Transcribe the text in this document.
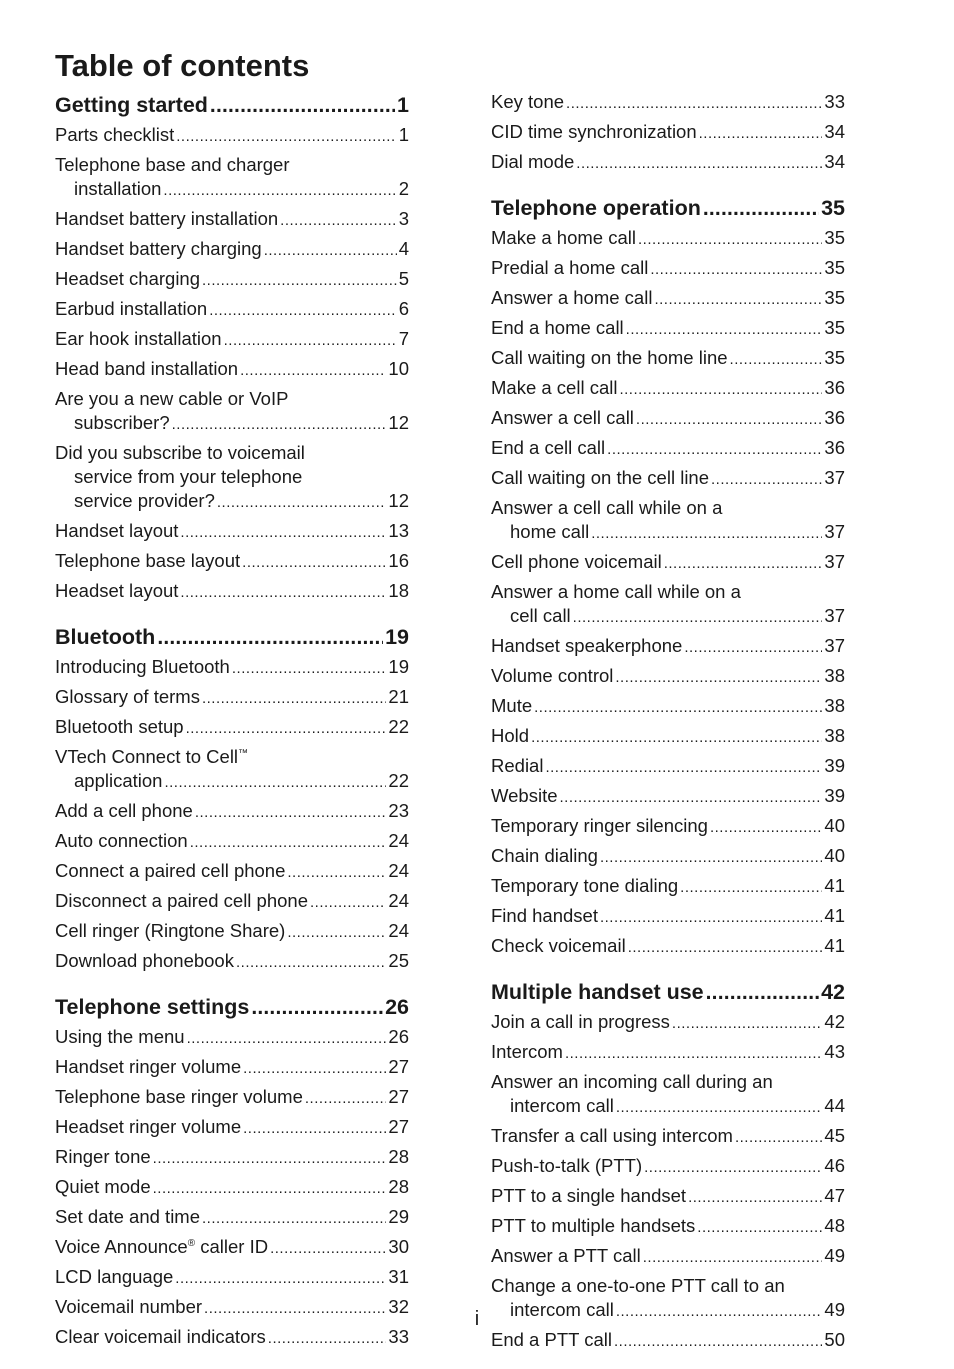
Table of contents
Getting started .....	1
Parts checklist .....	1
Telephone base and charger
installation .....	2
Handset battery installation .....	3
Handset battery charging .....	4
Headset charging .....	5
Earbud installation .....	6
Ear hook installation .....	7
Head band installation .....	10
Are you a new cable or VoIP
subscriber? .....	12
Did you subscribe to voicemail
service from your telephone
service provider? .....	12
Handset layout .....	13
Telephone base layout .....	16
Headset layout .....	18
Bluetooth .....	19
Introducing Bluetooth .....	19
Glossary of terms .....	21
Bluetooth setup .....	22
VTech Connect to Cell™
application .....	22
Add a cell phone .....	23
Auto connection .....	24
Connect a paired cell phone .....	24
Disconnect a paired cell phone .....	24
Cell ringer (Ringtone Share) .....	24
Download phonebook .....	25
Telephone settings .....	26
Using the menu .....	26
Handset ringer volume .....	27
Telephone base ringer volume .....	27
Headset ringer volume .....	27
Ringer tone .....	28
Quiet mode .....	28
Set date and time .....	29
Voice Announce® caller ID .....	30
LCD language .....	31
Voicemail number .....	32
Clear voicemail indicators .....	33
Key tone .....	33
CID time synchronization .....	34
Dial mode .....	34
Telephone operation .....	35
Make a home call .....	35
Predial a home call .....	35
Answer a home call .....	35
End a home call .....	35
Call waiting on the home line .....	35
Make a cell call .....	36
Answer a cell call .....	36
End a cell call .....	36
Call waiting on the cell line .....	37
Answer a cell call while on a
home call .....	37
Cell phone voicemail .....	37
Answer a home call while on a
cell call .....	37
Handset speakerphone .....	37
Volume control .....	38
Mute .....	38
Hold .....	38
Redial .....	39
Website .....	39
Temporary ringer silencing .....	40
Chain dialing .....	40
Temporary tone dialing .....	41
Find handset .....	41
Check voicemail .....	41
Multiple handset use .....	42
Join a call in progress .....	42
Intercom .....	43
Answer an incoming call during an
intercom call .....	44
Transfer a call using intercom .....	45
Push-to-talk (PTT) .....	46
PTT to a single handset .....	47
PTT to multiple handsets .....	48
Answer a PTT call .....	49
Change a one-to-one PTT call to an
intercom call .....	49
End a PTT call .....	50
i
